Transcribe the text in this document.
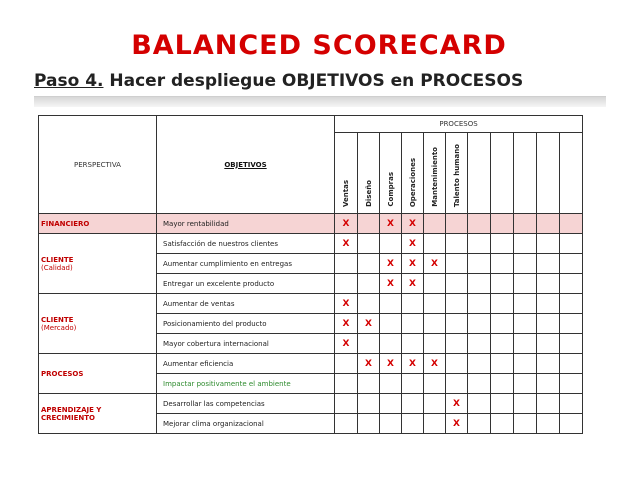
BALANCED SCORECARD
Paso 4. Hacer despliegue OBJETIVOS en PROCESOS
PERSPECTIVA	OBJETIVOS	PROCESOS										

		Ventas	Diseño	Compras	Operaciones	Mantenimiento	Talento humano					

FINANCIERO	Mayor rentabilidad	X		X	X							

CLIENTE
(Calidad)	Satisfacción de nuestros clientes	X			X							
	Aumentar cumplimiento en entregas			X	X	X						
	Entregar un excelente producto			X	X							

CLIENTE
(Mercado)	Aumentar de ventas	X										
	Posicionamiento del producto	X	X									
	Mayor cobertura internacional	X										

PROCESOS	Aumentar eficiencia		X	X	X	X						
	Impactar positivamente el ambiente											

APRENDIZAJE Y CRECIMIENTO	Desarrollar las competencias						X					
	Mejorar clima organizacional						X					
